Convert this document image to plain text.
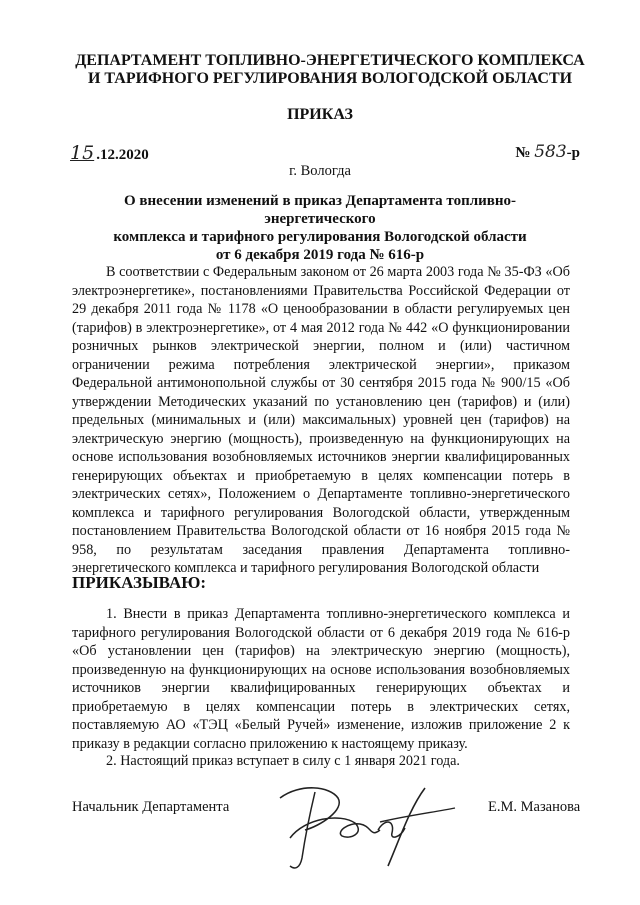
ДЕПАРТАМЕНТ ТОПЛИВНО-ЭНЕРГЕТИЧЕСКОГО КОМПЛЕКСА
И ТАРИФНОГО РЕГУЛИРОВАНИЯ ВОЛОГОДСКОЙ ОБЛАСТИ
ПРИКАЗ
15 .12.2020	№ 583-р
г. Вологда
О внесении изменений в приказ Департамента топливно-энергетического
комплекса и тарифного регулирования Вологодской области
от 6 декабря 2019 года № 616-р
В соответствии с Федеральным законом от 26 марта 2003 года № 35-ФЗ «Об электроэнергетике», постановлениями Правительства Российской Федерации от 29 декабря 2011 года № 1178 «О ценообразовании в области регулируемых цен (тарифов) в электроэнергетике», от 4 мая 2012 года № 442 «О функционировании розничных рынков электрической энергии, полном и (или) частичном ограничении режима потребления электрической энергии», приказом Федеральной антимонопольной службы от 30 сентября 2015 года № 900/15 «Об утверждении Методических указаний по установлению цен (тарифов) и (или) предельных (минимальных и (или) максимальных) уровней цен (тарифов) на электрическую энергию (мощность), произведенную на функционирующих на основе использования возобновляемых источников энергии квалифицированных генерирующих объектах и приобретаемую в целях компенсации потерь в электрических сетях», Положением о Департаменте топливно-энергетического комплекса и тарифного регулирования Вологодской области, утвержденным постановлением Правительства Вологодской области от 16 ноября 2015 года № 958, по результатам заседания правления Департамента топливно-энергетического комплекса и тарифного регулирования Вологодской области
ПРИКАЗЫВАЮ:
1. Внести в приказ Департамента топливно-энергетического комплекса и тарифного регулирования Вологодской области от 6 декабря 2019 года № 616-р «Об установлении цен (тарифов) на электрическую энергию (мощность), произведенную на функционирующих на основе использования возобновляемых источников энергии квалифицированных генерирующих объектах и приобретаемую в целях компенсации потерь в электрических сетях, поставляемую АО «ТЭЦ «Белый Ручей» изменение, изложив приложение 2 к приказу в редакции согласно приложению к настоящему приказу.
2. Настоящий приказ вступает в силу с 1 января 2021 года.
Начальник Департамента	Е.М. Мазанова
